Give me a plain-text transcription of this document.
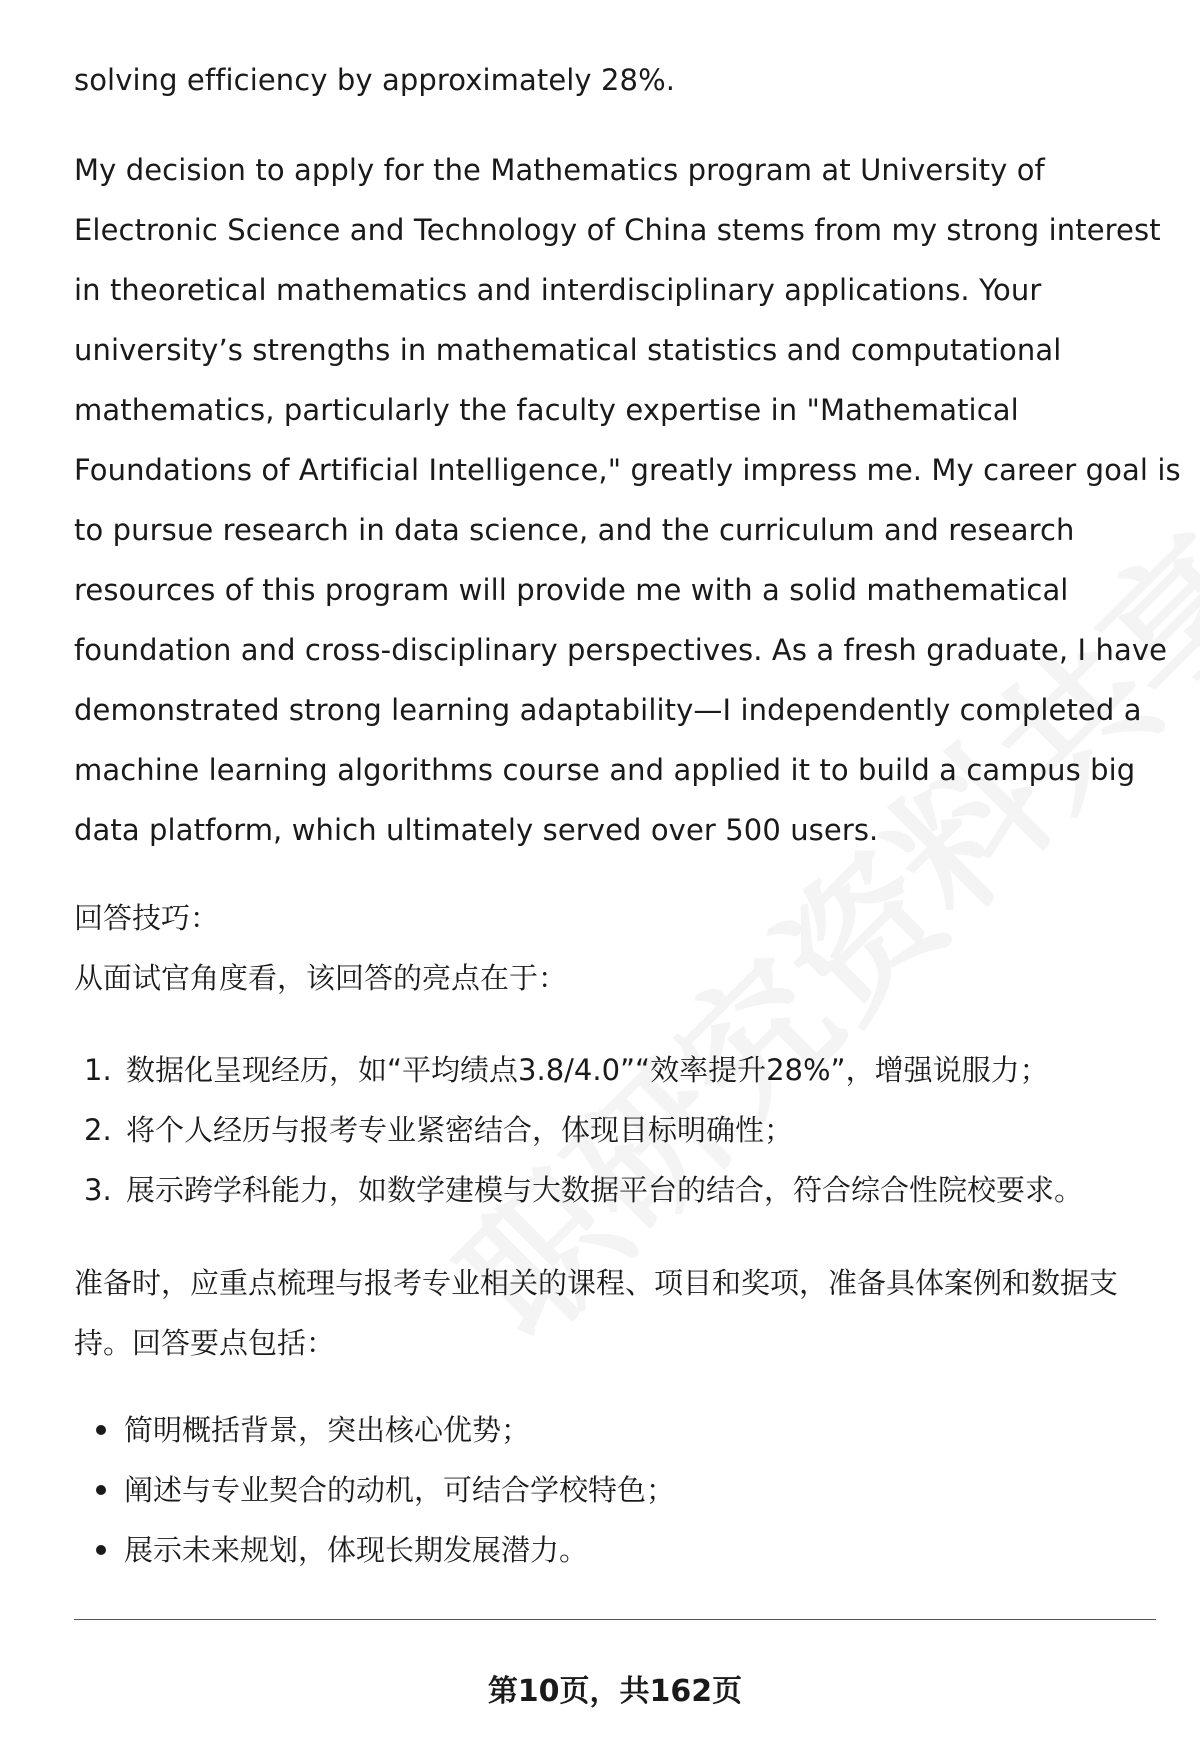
solving efficiency by approximately 28%.

My decision to apply for the Mathematics program at University of
Electronic Science and Technology of China stems from my strong interest
in theoretical mathematics and interdisciplinary applications. Your
university’s strengths in mathematical statistics and computational
mathematics, particularly the faculty expertise in "Mathematical
Foundations of Artificial Intelligence," greatly impress me. My career goal is
to pursue research in data science, and the curriculum and research
resources of this program will provide me with a solid mathematical
foundation and cross-disciplinary perspectives. As a fresh graduate, I have
demonstrated strong learning adaptability—I independently completed a
machine learning algorithms course and applied it to build a campus big
data platform, which ultimately served over 500 users.

回答技巧：

从面试官角度看，该回答的亮点在于：

1. 数据化呈现经历，如“平均绩点3.8/4.0”“效率提升28%”，增强说服力；
2. 将个人经历与报考专业紧密结合，体现目标明确性；
3. 展示跨学科能力，如数学建模与大数据平台的结合，符合综合性院校要求。

准备时，应重点梳理与报考专业相关的课程、项目和奖项，准备具体案例和数据支
持。回答要点包括：

简明概括背景，突出核心优势；
阐述与专业契合的动机，可结合学校特色；
展示未来规划，体现长期发展潜力。
第10页，共162页
